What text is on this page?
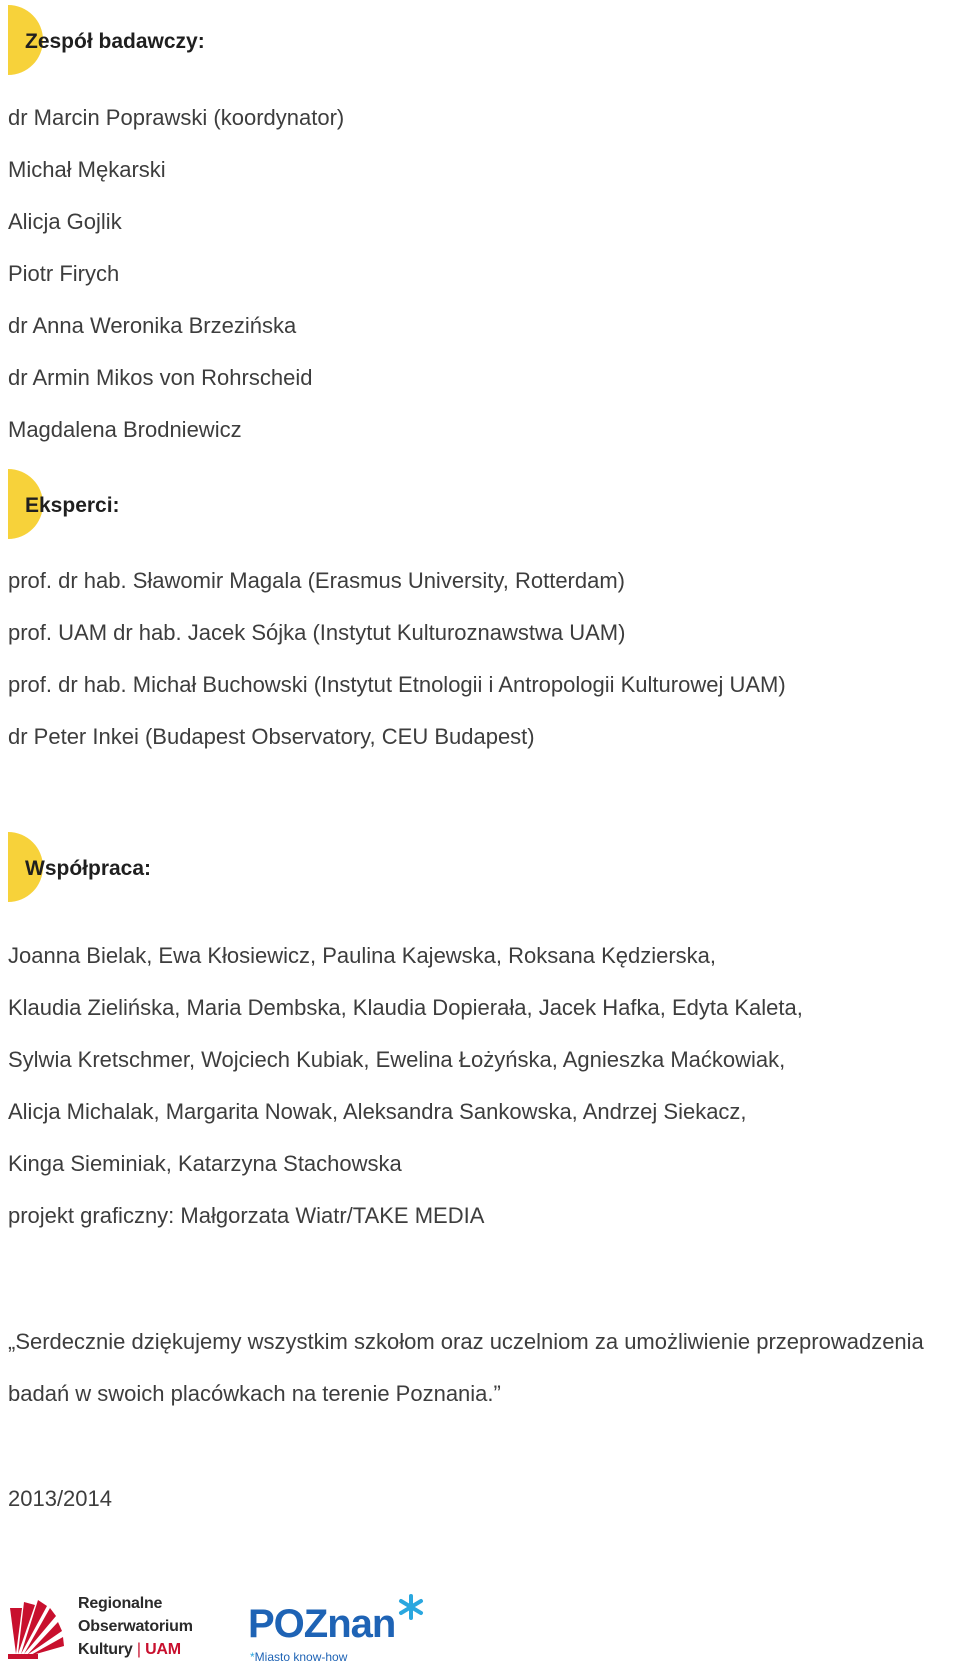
Zespół badawczy:
dr Marcin Poprawski (koordynator)
Michał Mękarski
Alicja Gojlik
Piotr Firych
dr Anna Weronika Brzezińska
dr Armin Mikos von Rohrscheid
Magdalena Brodniewicz
Eksperci:
prof. dr hab. Sławomir Magala (Erasmus University, Rotterdam)
prof. UAM dr hab. Jacek Sójka (Instytut Kulturoznawstwa UAM)
prof. dr hab. Michał Buchowski (Instytut Etnologii i Antropologii Kulturowej UAM)
dr Peter Inkei (Budapest Observatory, CEU Budapest)
Współpraca:
Joanna Bielak, Ewa Kłosiewicz, Paulina Kajewska, Roksana Kędzierska,
Klaudia Zielińska, Maria Dembska, Klaudia Dopierała, Jacek Hafka, Edyta Kaleta,
Sylwia Kretschmer, Wojciech Kubiak, Ewelina Łożyńska, Agnieszka Maćkowiak,
Alicja Michalak, Margarita Nowak, Aleksandra Sankowska, Andrzej Siekacz,
Kinga Sieminiak, Katarzyna Stachowska
projekt graficzny: Małgorzata Wiatr/TAKE MEDIA
„Serdecznie dziękujemy wszystkim szkołom oraz uczelniom za umożliwienie przeprowadzenia
badań w swoich placówkach na terenie Poznania.”
2013/2014
Regionalne
Obserwatorium
Kultury | UAM
POZnan
*Miasto know-how
